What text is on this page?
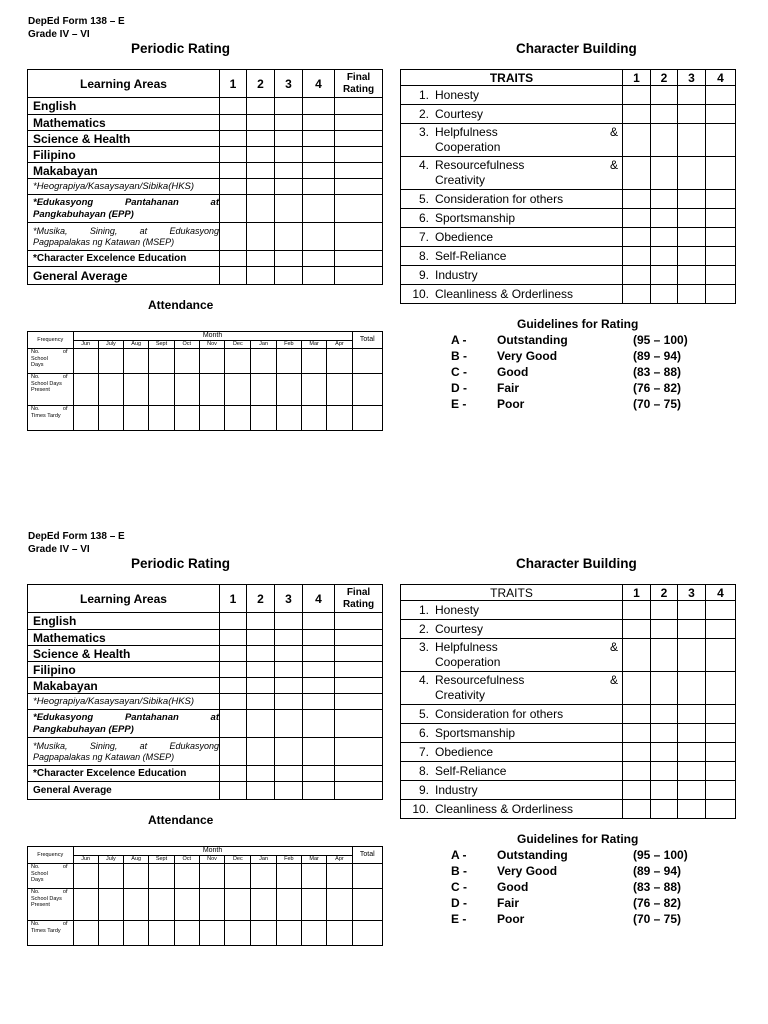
DepEd Form 138 – E
Grade IV – VI
Periodic Rating	Character Building
Learning Areas	1	2	3	4	Final Rating
English					
Mathematics					
Science & Health					
Filipino					
Makabayan					
*Heograpiya/Kasaysayan/Sibika(HKS)					
*Edukasyong Pantahanan at Pangkabuhayan (EPP)					
*Musika, Sining, at Edukasyong Pagpapalakas ng Katawan (MSEP)					
*Character Excelence Education					
General Average					
TRAITS	1	2	3	4
1. Honesty				
2. Courtesy				
3. Helpfulness &

Cooperation				
4. Resourcefulness &

Creativity				
5. Consideration for others				
6. Sportsmanship				
7. Obedience				
8. Self-Reliance				
9. Industry				
10. Cleanliness & Orderliness				
Attendance
Frequency	Month											Total
	Jun	July	Aug	Sept	Oct	Nov	Dec	Jan	Feb	Mar	Apr	
No. of

School
Days												
No. of

School Days Present												
No. of

Times Tardy												
Guidelines for Rating
A -	Outstanding	(95 – 100)
B -	Very Good	(89 – 94)
C -	Good	(83 – 88)
D -	Fair	(76 – 82)
E -	Poor	(70 – 75)
DepEd Form 138 – E
Grade IV – VI
Periodic Rating	Character Building
Learning Areas	1	2	3	4	Final Rating
English					
Mathematics					
Science & Health					
Filipino					
Makabayan					
*Heograpiya/Kasaysayan/Sibika(HKS)					
*Edukasyong Pantahanan at Pangkabuhayan (EPP)					
*Musika, Sining, at Edukasyong Pagpapalakas ng Katawan (MSEP)					
*Character Excelence Education					
General Average					
TRAITS	1	2	3	4
1. Honesty				
2. Courtesy				
3. Helpfulness &

Cooperation				
4. Resourcefulness &

Creativity				
5. Consideration for others				
6. Sportsmanship				
7. Obedience				
8. Self-Reliance				
9. Industry				
10. Cleanliness & Orderliness				
Attendance
Frequency	Month											Total
	Jun	July	Aug	Sept	Oct	Nov	Dec	Jan	Feb	Mar	Apr	
No. of

School
Days												
No. of

School Days Present												
No. of

Times Tardy												
Guidelines for Rating
A -	Outstanding	(95 – 100)
B -	Very Good	(89 – 94)
C -	Good	(83 – 88)
D -	Fair	(76 – 82)
E -	Poor	(70 – 75)
